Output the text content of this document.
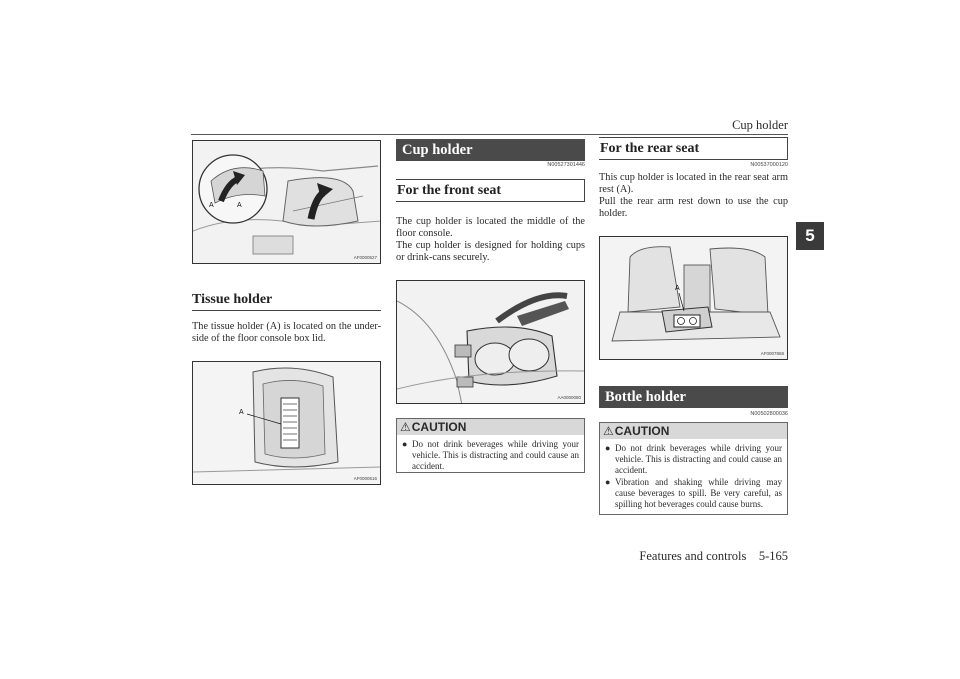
Cup holder
5
A	A
AF0000527
Tissue holder
The tissue holder (A) is located on the under-side of the floor console box lid.
A
AF0000516
Cup holder
For the front seat
N00527301446
The cup holder is located the middle of the floor console.
The cup holder is designed for holding cups or drink-cans securely.
AA0000080
⚠ CAUTION
● Do not drink beverages while driving your vehicle. This is distracting and could cause an accident.
For the rear seat
N00537000120
This cup holder is located in the rear seat arm rest (A).
Pull the rear arm rest down to use the cup holder.
A
AF0007868
Bottle holder
N00502800036
⚠ CAUTION
● Do not drink beverages while driving your vehicle. This is distracting and could cause an accident.
● Vibration and shaking while driving may cause beverages to spill. Be very careful, as spilling hot beverages could cause burns.
Features and controls    5-165
